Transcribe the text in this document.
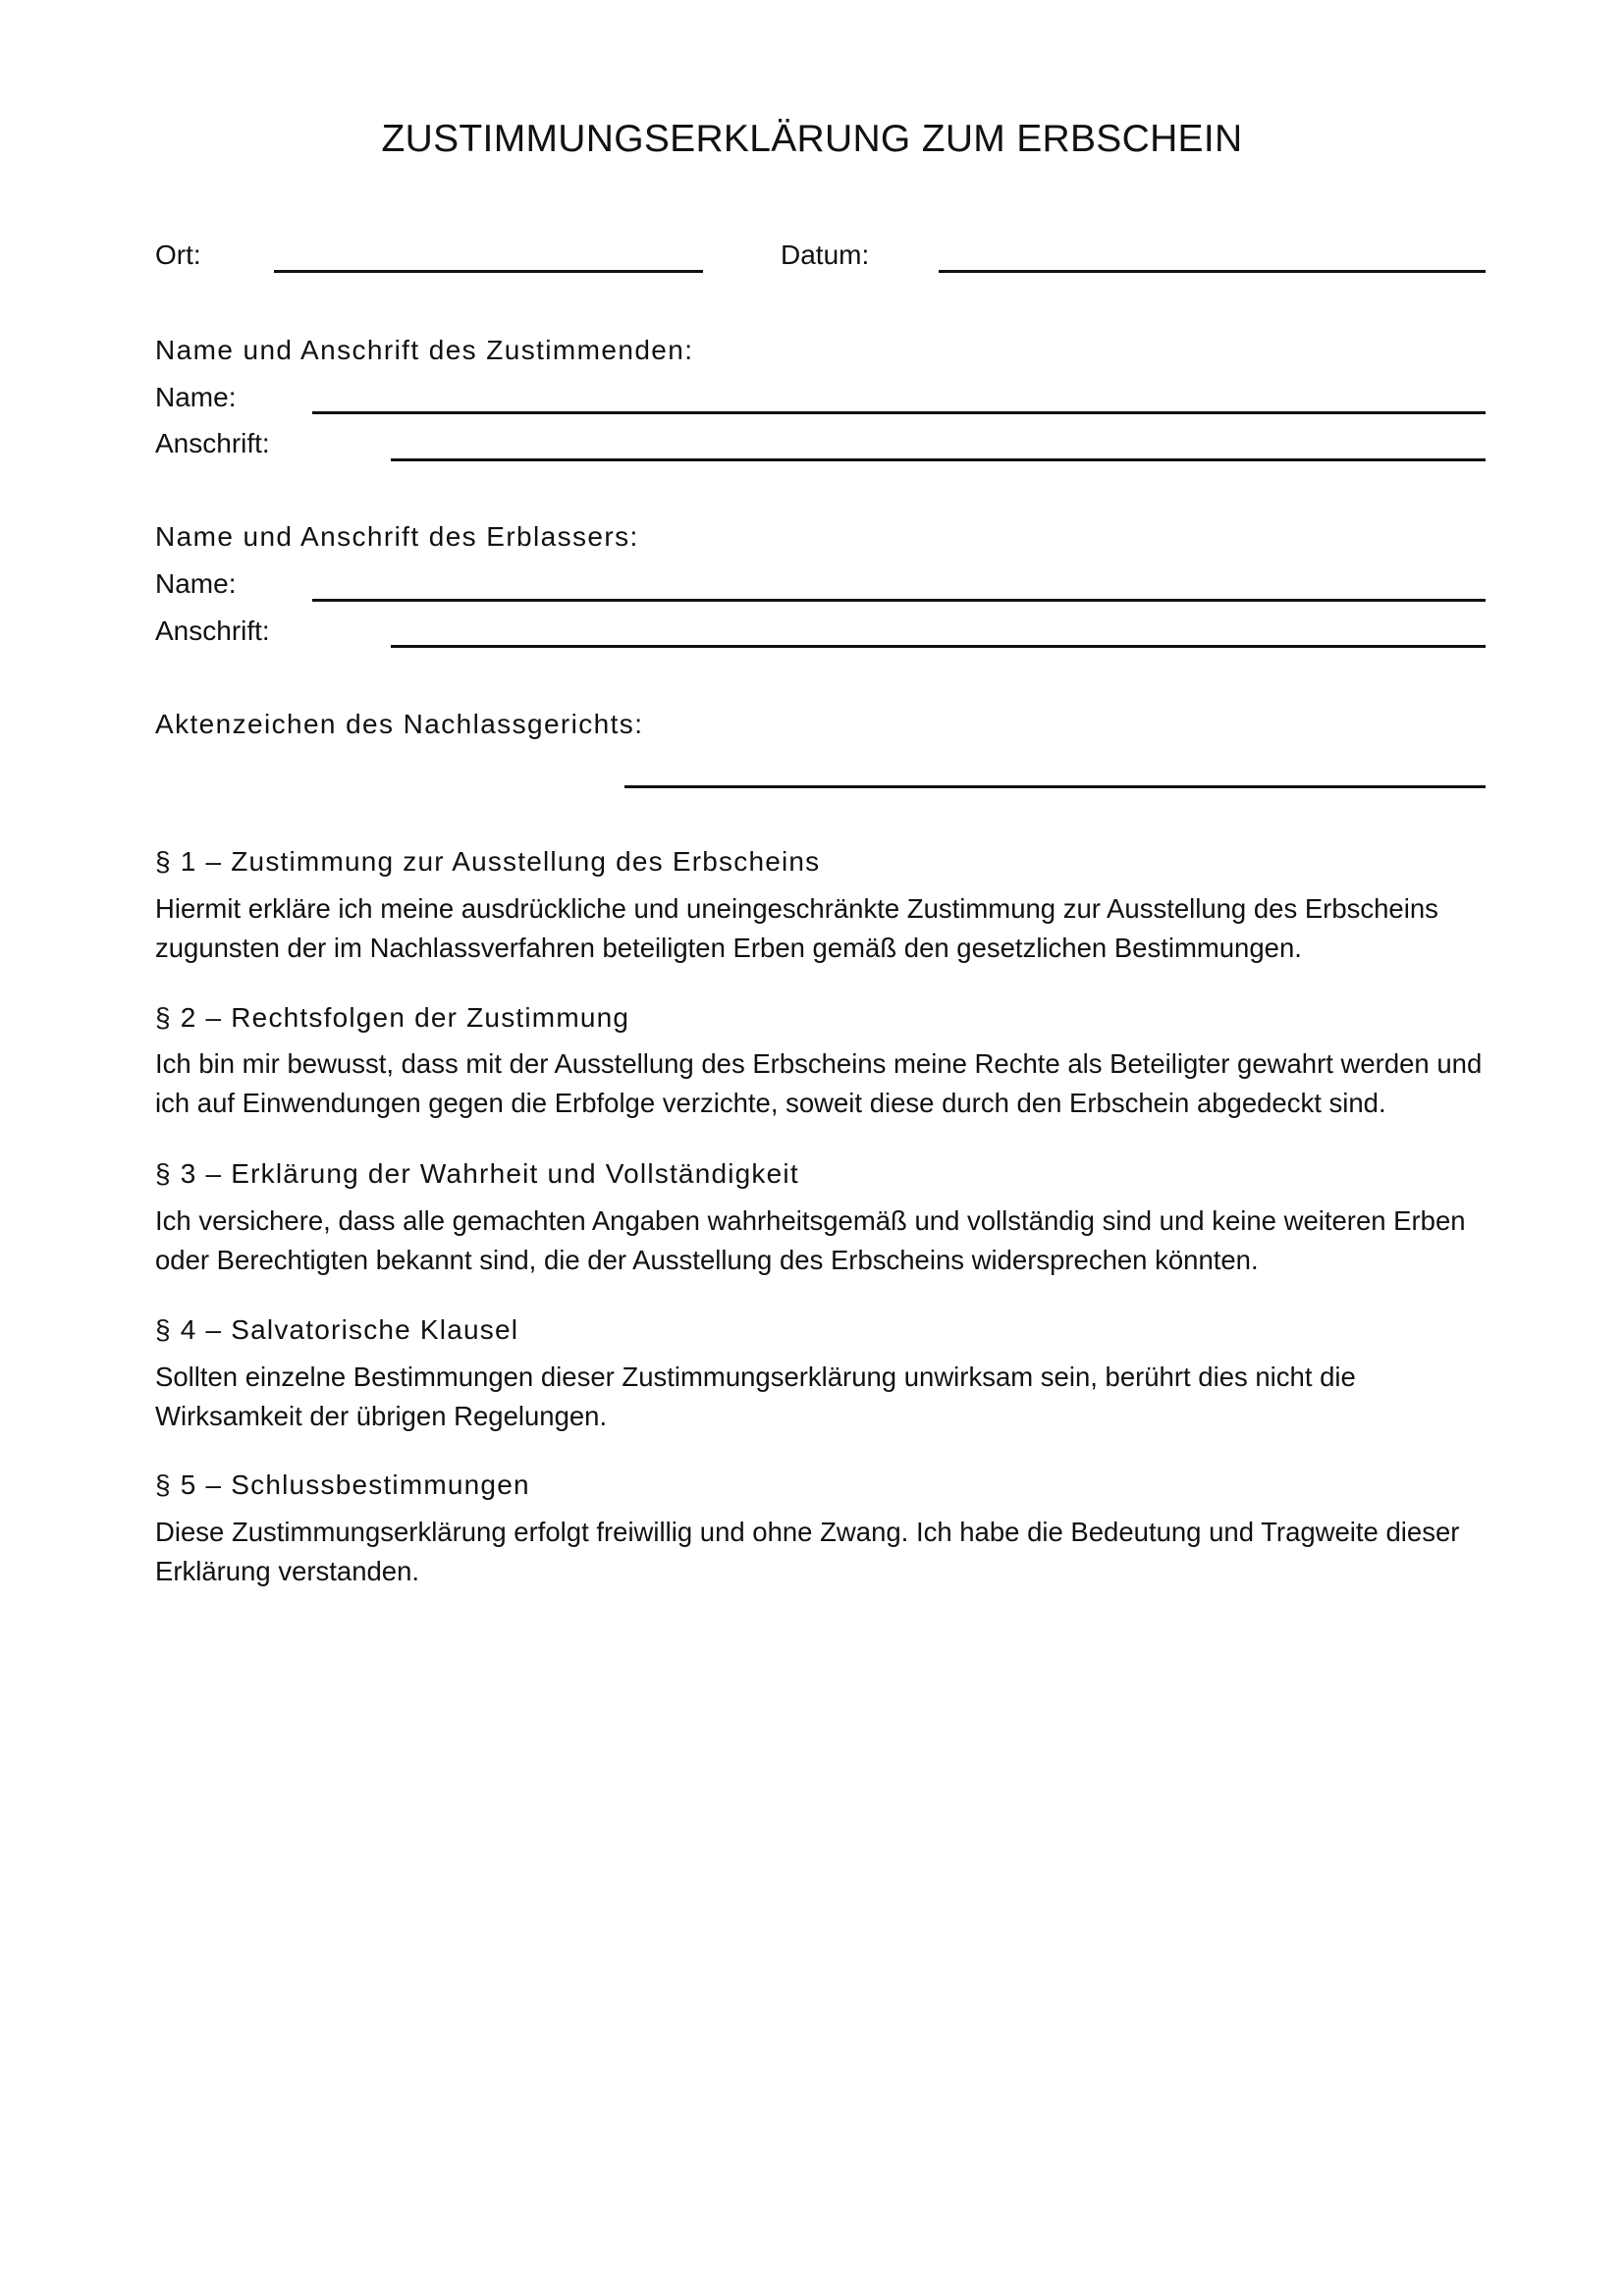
ZUSTIMMUNGSERKLÄRUNG ZUM ERBSCHEIN
Ort:	Datum:
Name und Anschrift des Zustimmenden:
Name:
Anschrift:
Name und Anschrift des Erblassers:
Name:
Anschrift:
Aktenzeichen des Nachlassgerichts:
§ 1 – Zustimmung zur Ausstellung des Erbscheins
Hiermit erkläre ich meine ausdrückliche und uneingeschränkte Zustimmung zur Ausstellung des Erbscheins zugunsten der im Nachlassverfahren beteiligten Erben gemäß den gesetzlichen Bestimmungen.
§ 2 – Rechtsfolgen der Zustimmung
Ich bin mir bewusst, dass mit der Ausstellung des Erbscheins meine Rechte als Beteiligter gewahrt werden und ich auf Einwendungen gegen die Erbfolge verzichte, soweit diese durch den Erbschein abgedeckt sind.
§ 3 – Erklärung der Wahrheit und Vollständigkeit
Ich versichere, dass alle gemachten Angaben wahrheitsgemäß und vollständig sind und keine weiteren Erben oder Berechtigten bekannt sind, die der Ausstellung des Erbscheins widersprechen könnten.
§ 4 – Salvatorische Klausel
Sollten einzelne Bestimmungen dieser Zustimmungserklärung unwirksam sein, berührt dies nicht die Wirksamkeit der übrigen Regelungen.
§ 5 – Schlussbestimmungen
Diese Zustimmungserklärung erfolgt freiwillig und ohne Zwang. Ich habe die Bedeutung und Tragweite dieser Erklärung verstanden.
